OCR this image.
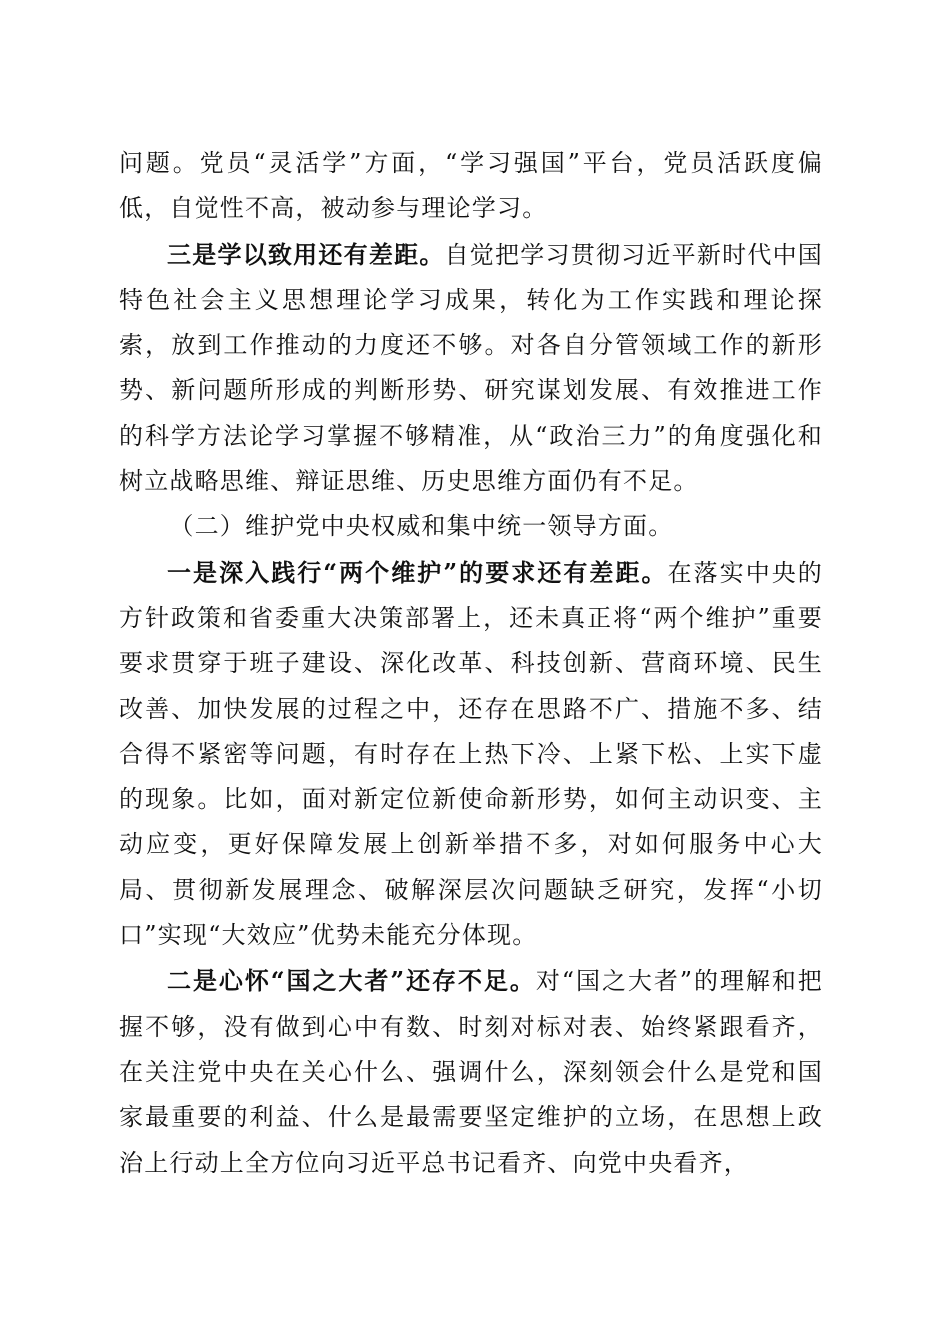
问题。党员“灵活学”方面，“学习强国”平台，党员活跃度偏低，自觉性不高，被动参与理论学习。

三是学以致用还有差距。自觉把学习贯彻习近平新时代中国特色社会主义思想理论学习成果，转化为工作实践和理论探索，放到工作推动的力度还不够。对各自分管领域工作的新形势、新问题所形成的判断形势、研究谋划发展、有效推进工作的科学方法论学习掌握不够精准，从“政治三力”的角度强化和树立战略思维、辩证思维、历史思维方面仍有不足。

（二）维护党中央权威和集中统一领导方面。

一是深入践行“两个维护”的要求还有差距。在落实中央的方针政策和省委重大决策部署上，还未真正将“两个维护”重要要求贯穿于班子建设、深化改革、科技创新、营商环境、民生改善、加快发展的过程之中，还存在思路不广、措施不多、结合得不紧密等问题，有时存在上热下冷、上紧下松、上实下虚的现象。比如，面对新定位新使命新形势，如何主动识变、主动应变，更好保障发展上创新举措不多，对如何服务中心大局、贯彻新发展理念、破解深层次问题缺乏研究，发挥“小切口”实现“大效应”优势未能充分体现。

二是心怀“国之大者”还存不足。对“国之大者”的理解和把握不够，没有做到心中有数、时刻对标对表、始终紧跟看齐，在关注党中央在关心什么、强调什么，深刻领会什么是党和国家最重要的利益、什么是最需要坚定维护的立场，在思想上政治上行动上全方位向习近平总书记看齐、向党中央看齐，
